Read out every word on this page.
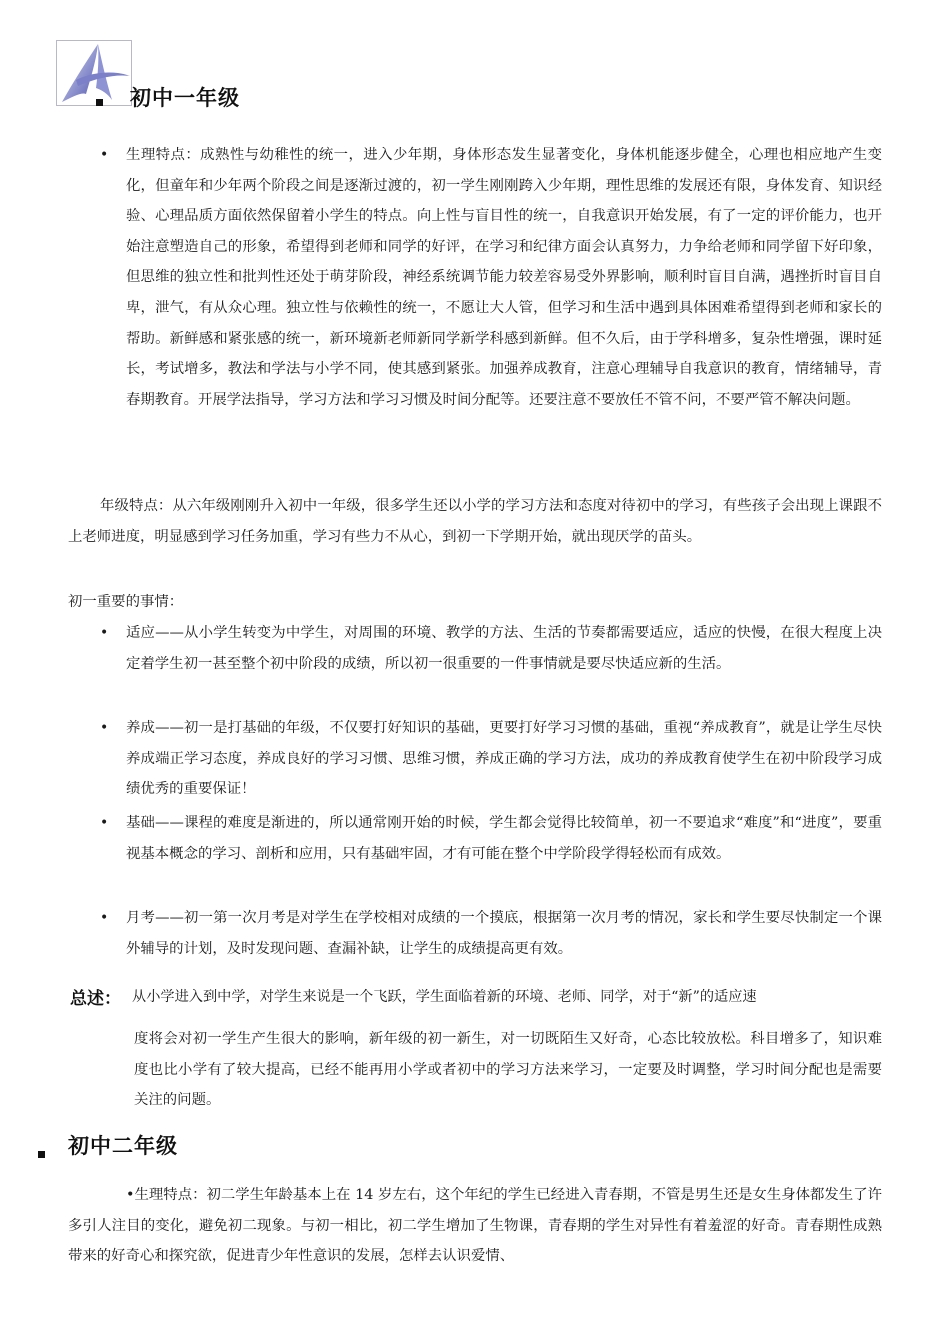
初中一年级
• 生理特点：成熟性与幼稚性的统一，进入少年期，身体形态发生显著变化，身体机能逐步健全，心理也相应地产生变化，但童年和少年两个阶段之间是逐渐过渡的，初一学生刚刚跨入少年期，理性思维的发展还有限，身体发育、知识经验、心理品质方面依然保留着小学生的特点。向上性与盲目性的统一，自我意识开始发展，有了一定的评价能力，也开始注意塑造自己的形象，希望得到老师和同学的好评，在学习和纪律方面会认真努力，力争给老师和同学留下好印象，但思维的独立性和批判性还处于萌芽阶段，神经系统调节能力较差容易受外界影响，顺利时盲目自满，遇挫折时盲目自卑，泄气，有从众心理。独立性与依赖性的统一，不愿让大人管，但学习和生活中遇到具体困难希望得到老师和家长的帮助。新鲜感和紧张感的统一，新环境新老师新同学新学科感到新鲜。但不久后，由于学科增多，复杂性增强，课时延长，考试增多，教法和学法与小学不同，使其感到紧张。加强养成教育，注意心理辅导自我意识的教育，情绪辅导，青春期教育。开展学法指导，学习方法和学习习惯及时间分配等。还要注意不要放任不管不问，不要严管不解决问题。

年级特点：从六年级刚刚升入初中一年级，很多学生还以小学的学习方法和态度对待初中的学习，有些孩子会出现上课跟不上老师进度，明显感到学习任务加重，学习有些力不从心，到初一下学期开始，就出现厌学的苗头。

初一重要的事情：

• 适应——从小学生转变为中学生，对周围的环境、教学的方法、生活的节奏都需要适应，适应的快慢，在很大程度上决定着学生初一甚至整个初中阶段的成绩，所以初一很重要的一件事情就是要尽快适应新的生活。

• 养成——初一是打基础的年级，不仅要打好知识的基础，更要打好学习习惯的基础，重视“养成教育”，就是让学生尽快养成端正学习态度，养成良好的学习习惯、思维习惯，养成正确的学习方法，成功的养成教育使学生在初中阶段学习成绩优秀的重要保证！

• 基础——课程的难度是渐进的，所以通常刚开始的时候，学生都会觉得比较简单，初一不要追求“难度”和“进度”，要重视基本概念的学习、剖析和应用，只有基础牢固，才有可能在整个中学阶段学得轻松而有成效。

• 月考——初一第一次月考是对学生在学校相对成绩的一个摸底，根据第一次月考的情况，家长和学生要尽快制定一个课外辅导的计划，及时发现问题、查漏补缺，让学生的成绩提高更有效。

总述： 从小学进入到中学，对学生来说是一个飞跃，学生面临着新的环境、老师、同学，对于“新”的适应速

度将会对初一学生产生很大的影响，新年级的初一新生，对一切既陌生又好奇，心态比较放松。科目增多了，知识难度也比小学有了较大提高，已经不能再用小学或者初中的学习方法来学习，一定要及时调整，学习时间分配也是需要关注的问题。

初中二年级

•生理特点：初二学生年龄基本上在 14 岁左右，这个年纪的学生已经进入青春期，不管是男生还是女生身体都发生了许多引人注目的变化，避免初二现象。与初一相比，初二学生增加了生物课，青春期的学生对异性有着羞涩的好奇。青春期性成熟带来的好奇心和探究欲，促进青少年性意识的发展，怎样去认识爱情、
